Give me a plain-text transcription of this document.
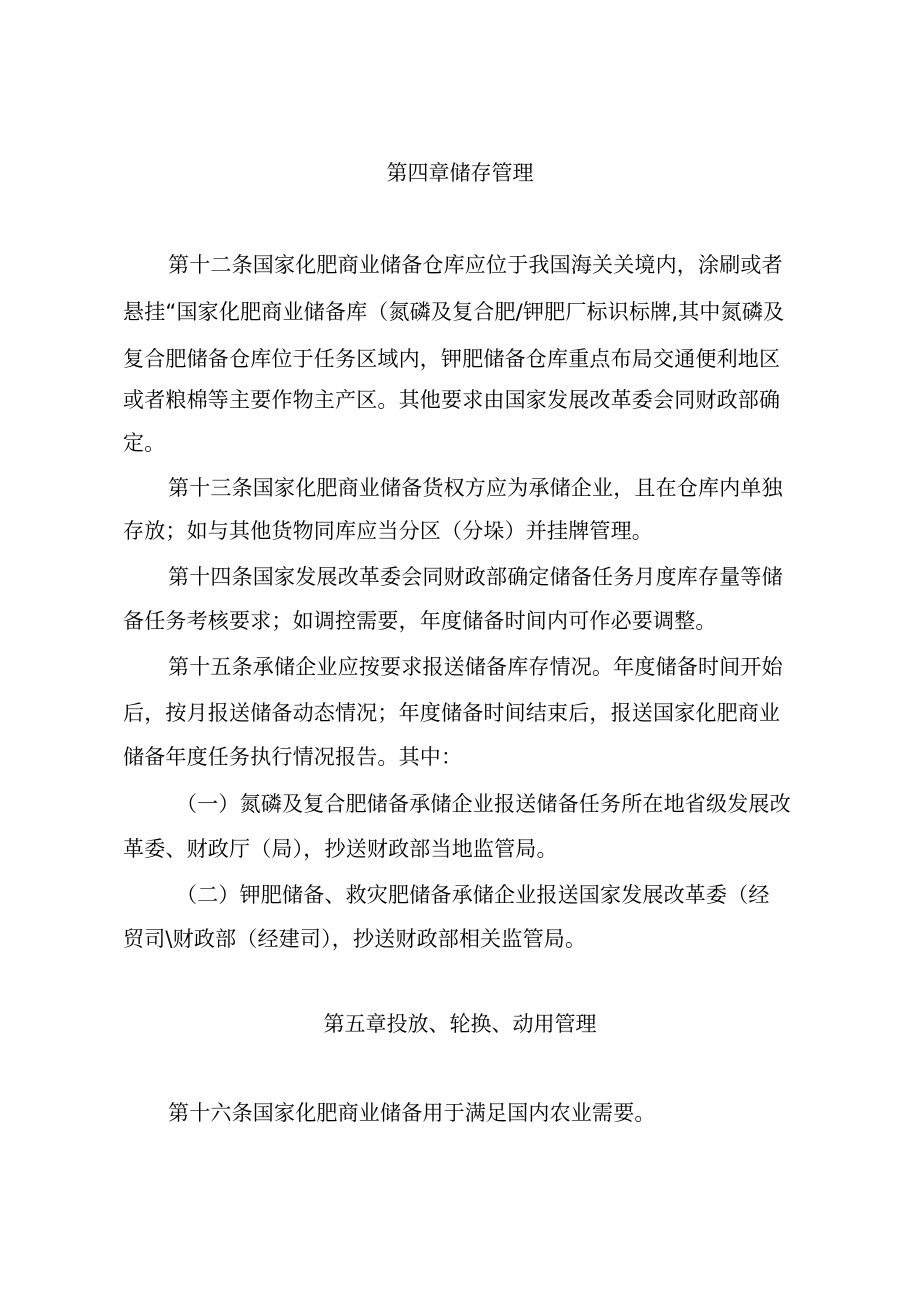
第四章储存管理
第十二条国家化肥商业储备仓库应位于我国海关关境内，涂刷或者
悬挂“国家化肥商业储备库（氮磷及复合肥/钾肥厂标识标牌,其中氮磷及
复合肥储备仓库位于任务区域内，钾肥储备仓库重点布局交通便利地区
或者粮棉等主要作物主产区。其他要求由国家发展改革委会同财政部确
定。
第十三条国家化肥商业储备货权方应为承储企业，且在仓库内单独
存放；如与其他货物同库应当分区（分垛）并挂牌管理。
第十四条国家发展改革委会同财政部确定储备任务月度库存量等储
备任务考核要求；如调控需要，年度储备时间内可作必要调整。
第十五条承储企业应按要求报送储备库存情况。年度储备时间开始
后，按月报送储备动态情况；年度储备时间结束后，报送国家化肥商业
储备年度任务执行情况报告。其中：
（一）氮磷及复合肥储备承储企业报送储备任务所在地省级发展改
革委、财政厅（局），抄送财政部当地监管局。
（二）钾肥储备、救灾肥储备承储企业报送国家发展改革委（经
贸司\财政部（经建司），抄送财政部相关监管局。
第五章投放、轮换、动用管理
第十六条国家化肥商业储备用于满足国内农业需要。
